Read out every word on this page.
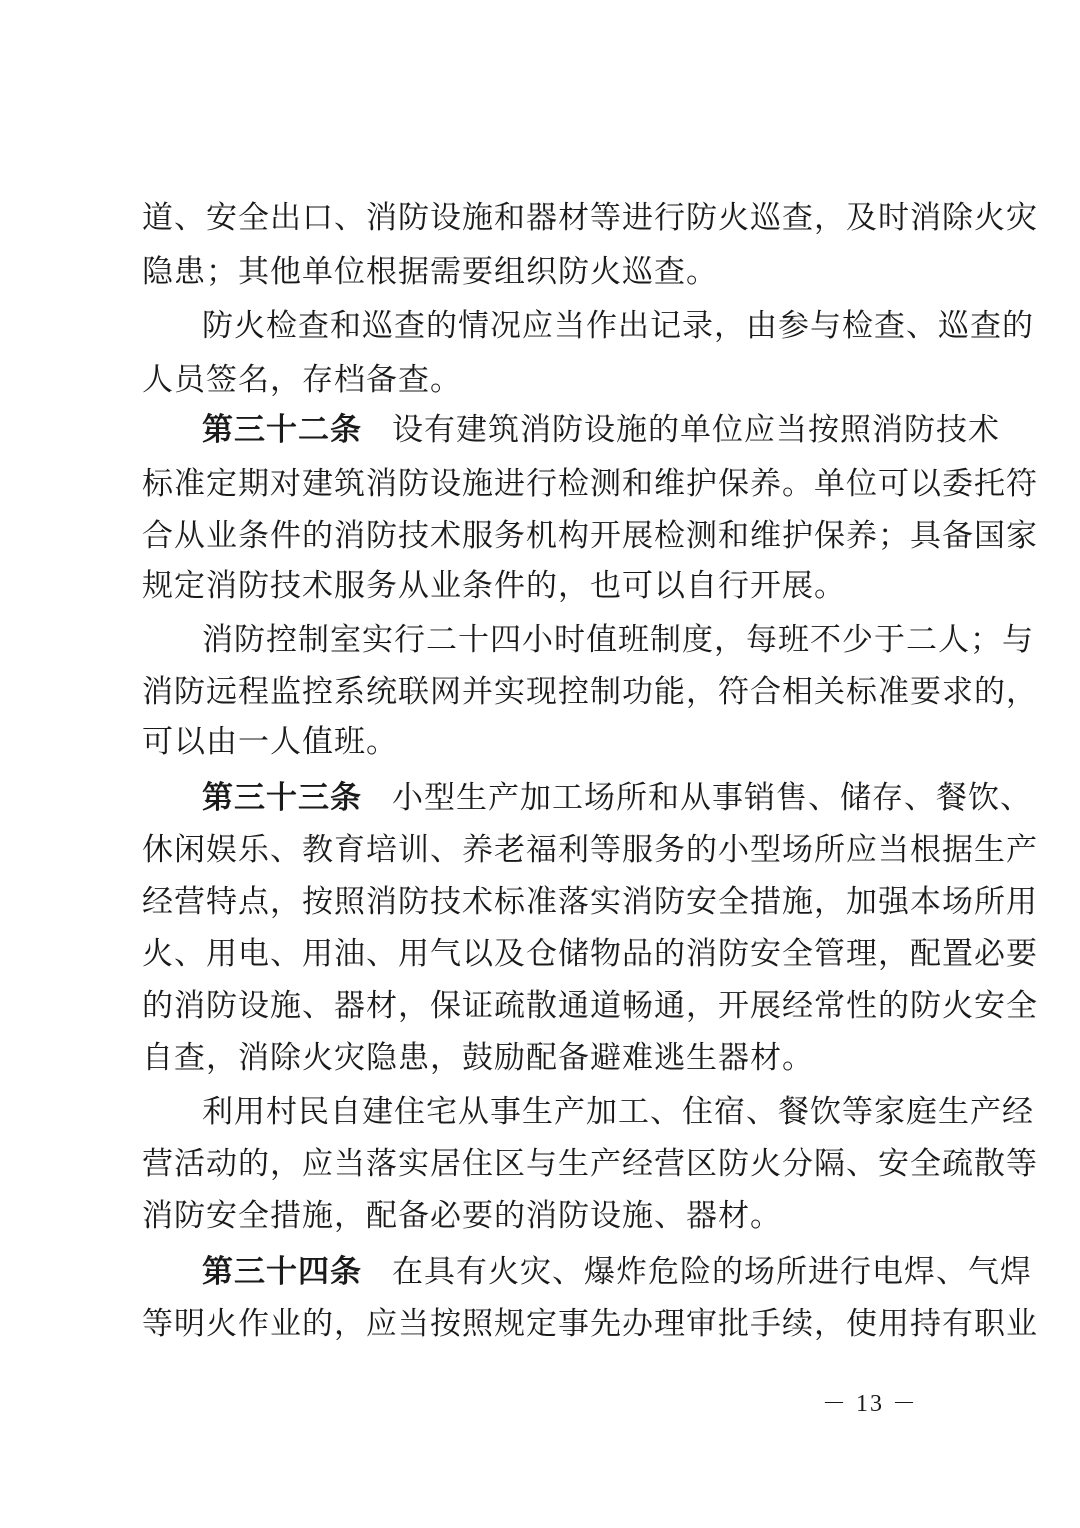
道、安全出口、消防设施和器材等进行防火巡查，及时消除火灾
隐患；其他单位根据需要组织防火巡查。
防火检查和巡查的情况应当作出记录，由参与检查、巡查的
人员签名，存档备查。
第三十二条 设有建筑消防设施的单位应当按照消防技术
标准定期对建筑消防设施进行检测和维护保养。单位可以委托符
合从业条件的消防技术服务机构开展检测和维护保养；具备国家
规定消防技术服务从业条件的，也可以自行开展。
消防控制室实行二十四小时值班制度，每班不少于二人；与
消防远程监控系统联网并实现控制功能，符合相关标准要求的，
可以由一人值班。
第三十三条 小型生产加工场所和从事销售、储存、餐饮、
休闲娱乐、教育培训、养老福利等服务的小型场所应当根据生产
经营特点，按照消防技术标准落实消防安全措施，加强本场所用
火、用电、用油、用气以及仓储物品的消防安全管理，配置必要
的消防设施、器材，保证疏散通道畅通，开展经常性的防火安全
自查，消除火灾隐患，鼓励配备避难逃生器材。
利用村民自建住宅从事生产加工、住宿、餐饮等家庭生产经
营活动的，应当落实居住区与生产经营区防火分隔、安全疏散等
消防安全措施，配备必要的消防设施、器材。
第三十四条 在具有火灾、爆炸危险的场所进行电焊、气焊
等明火作业的，应当按照规定事先办理审批手续，使用持有职业
－ 13 －
